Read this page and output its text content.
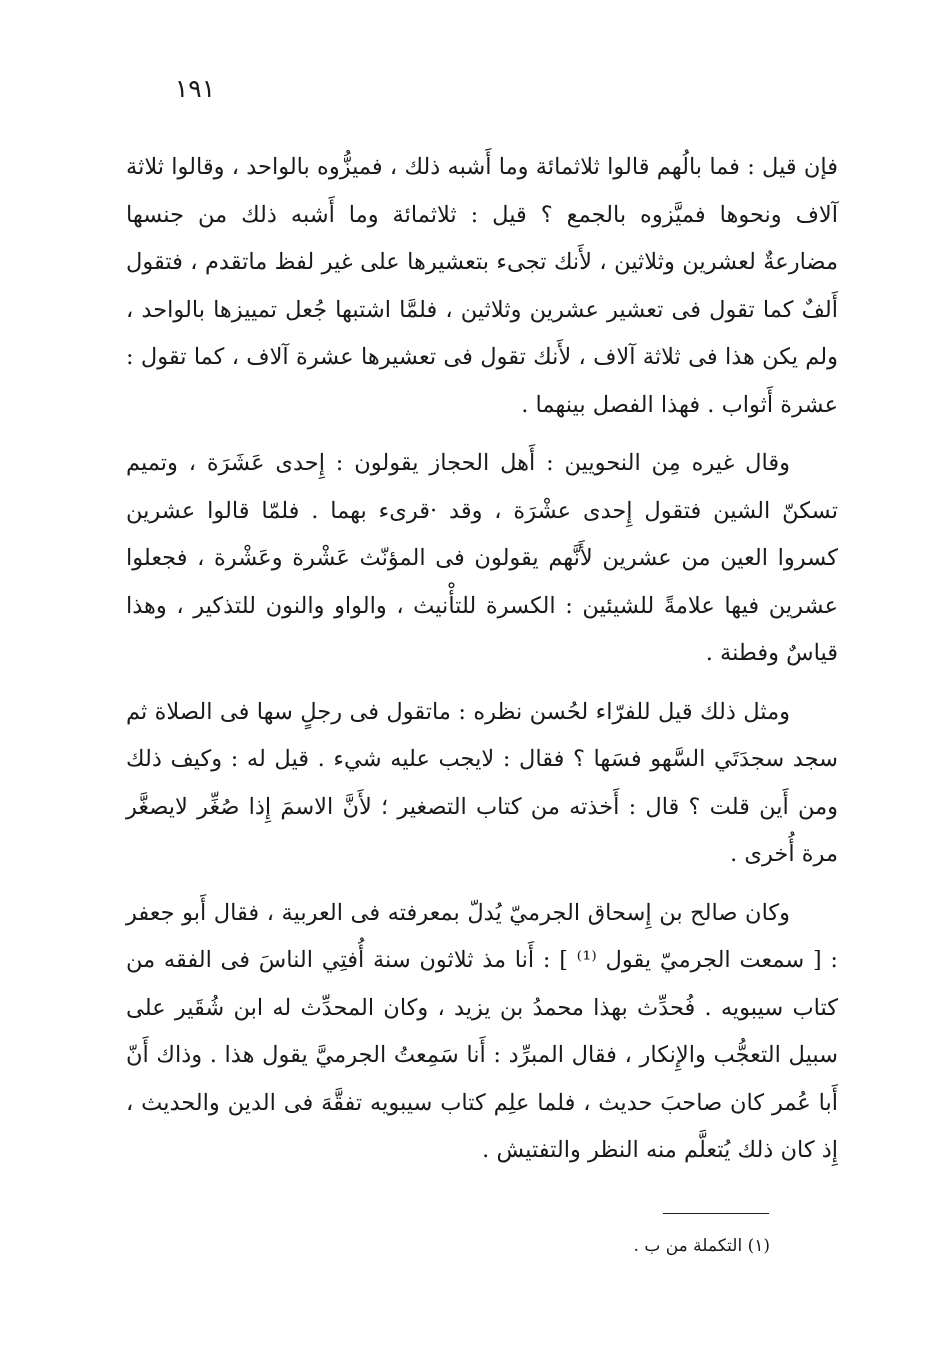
١٩١

فإن قيل : فما بالُهم قالوا ثلاثمائة وما أَشبه ذلك ، فميزُّوه بالواحد ، وقالوا ثلاثة آلاف ونحوها فميَّزوه بالجمع ؟ قيل : ثلاثمائة وما أَشبه ذلك من جنسها مضارعةٌ لعشرين وثلاثين ، لأَنك تجىء بتعشيرها على غير لفظ ماتقدم ، فتقول أَلفٌ كما تقول فى تعشير عشرين وثلاثين ، فلمَّا اشتبها جُعل تمييزها بالواحد ، ولم يكن هذا فى ثلاثة آلاف ، لأَنك تقول فى تعشيرها عشرة آلاف ، كما تقول : عشرة أَثواب . فهذا الفصل بينهما .

وقال غيره مِن النحويين : أَهل الحجاز يقولون : إِحدى عَشَرَة ، وتميم تسكنّ الشين فتقول إِحدى عشْرَة ، وقد ·قرىء بهما . فلمّا قالوا عشرين كسروا العين من عشرين لأَنَّهم يقولون فى المؤنّث عَشْرة وعَشْرة ، فجعلوا عشرين فيها علامةً للشيئين : الكسرة للتأْنيث ، والواو والنون للتذكير ، وهذا قياسٌ وفطنة .

ومثل ذلك قيل للفرّاء لحُسن نظره : ماتقول فى رجلٍ سها فى الصلاة ثم سجد سجدَتَي السَّهو فسَها ؟ فقال : لايجب عليه شيء . قيل له : وكيف ذلك ومن أَين قلت ؟ قال : أَخذته من كتاب التصغير ؛ لأَنَّ الاسمَ إِذا صُغِّر لايصغَّر مرة أُخرى .

وكان صالح بن إِسحاق الجرميّ يُدلّ بمعرفته فى العربية ، فقال أَبو جعفر : [ سمعت الجرميّ يقول ⁽¹⁾ ] : أَنا مذ ثلاثون سنة أُفتِي الناسَ فى الفقه من كتاب سيبويه . فُحدِّث بهذا محمدُ بن يزيد ، وكان المحدِّث له ابن شُقَير على سبيل التعجُّب والإِنكار ، فقال المبرِّد : أَنا سَمِعتُ الجرميَّ يقول هذا . وذاك أَنّ أَبا عُمر كان صاحبَ حديث ، فلما علِم كتاب سيبويه تفقَّهَ فى الدين والحديث ، إِذ كان ذلك يُتعلَّم منه النظر والتفتيش .

(١) التكملة من ب .
